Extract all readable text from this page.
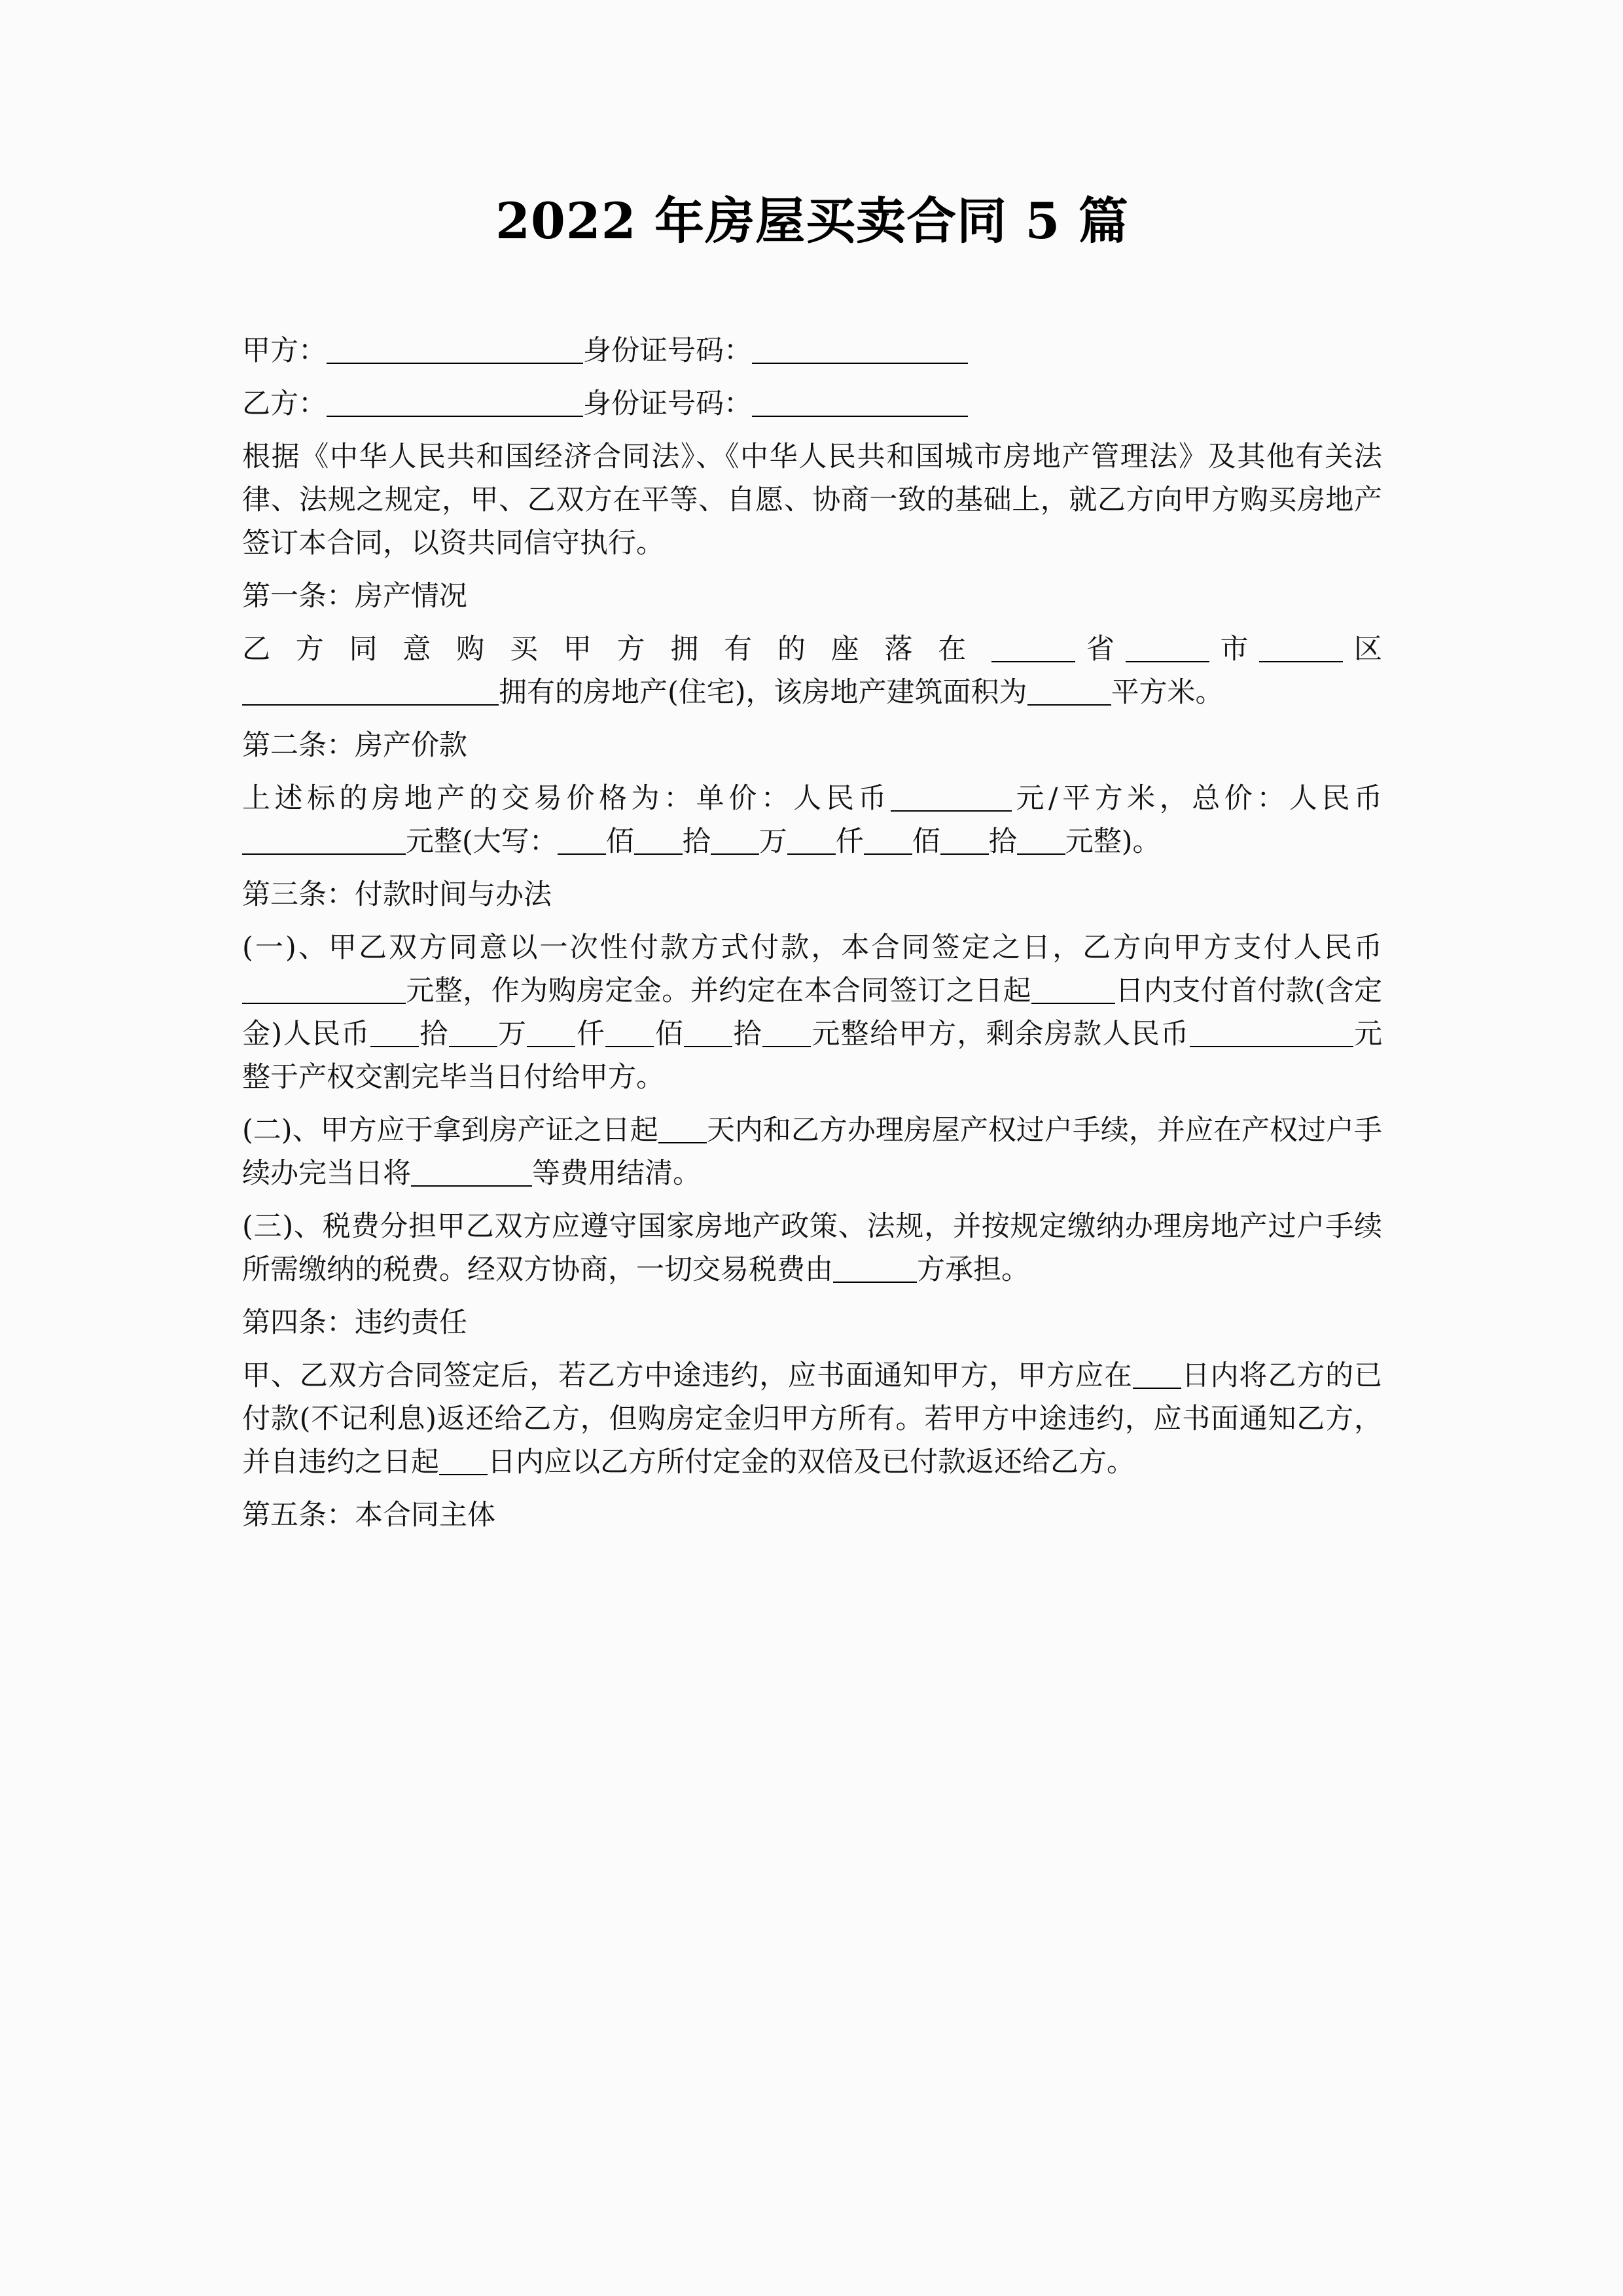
2022 年房屋买卖合同 5 篇

甲方：	身份证号码：

乙方：	身份证号码：

根据《中华人民共和国经济合同法》、《中华人民共和国城市房地产管理法》及其他有关法律、法规之规定，甲、乙双方在平等、自愿、协商一致的基础上，就乙方向甲方购买房地产签订本合同，以资共同信守执行。

第一条：房产情况

乙方同意购买甲方拥有的座落在	省	市	区拥有的房地产(住宅)，该房地产建筑面积为	平方米。

第二条：房产价款

上述标的房地产的交易价格为：单价：人民币	元/平方米，总价：人民币元整(大写： 佰 拾 万 仟 佰 拾 元整)。

第三条：付款时间与办法

(一)、甲乙双方同意以一次性付款方式付款，本合同签定之日，乙方向甲方支付人民币元整，作为购房定金。并约定在本合同签订之日起	日内支付首付款(含定金)人民币 拾 万 仟 佰 拾 元整给甲方，剩余房款人民币	元整于产权交割完毕当日付给甲方。

(二)、甲方应于拿到房产证之日起 天内和乙方办理房屋产权过户手续，并应在产权过户手续办完当日将	等费用结清。

(三)、税费分担甲乙双方应遵守国家房地产政策、法规，并按规定缴纳办理房地产过户手续所需缴纳的税费。经双方协商，一切交易税费由	方承担。

第四条：违约责任

甲、乙双方合同签定后，若乙方中途违约，应书面通知甲方，甲方应在 日内将乙方的已付款(不记利息)返还给乙方，但购房定金归甲方所有。若甲方中途违约，应书面通知乙方，并自违约之日起 日内应以乙方所付定金的双倍及已付款返还给乙方。

第五条：本合同主体
